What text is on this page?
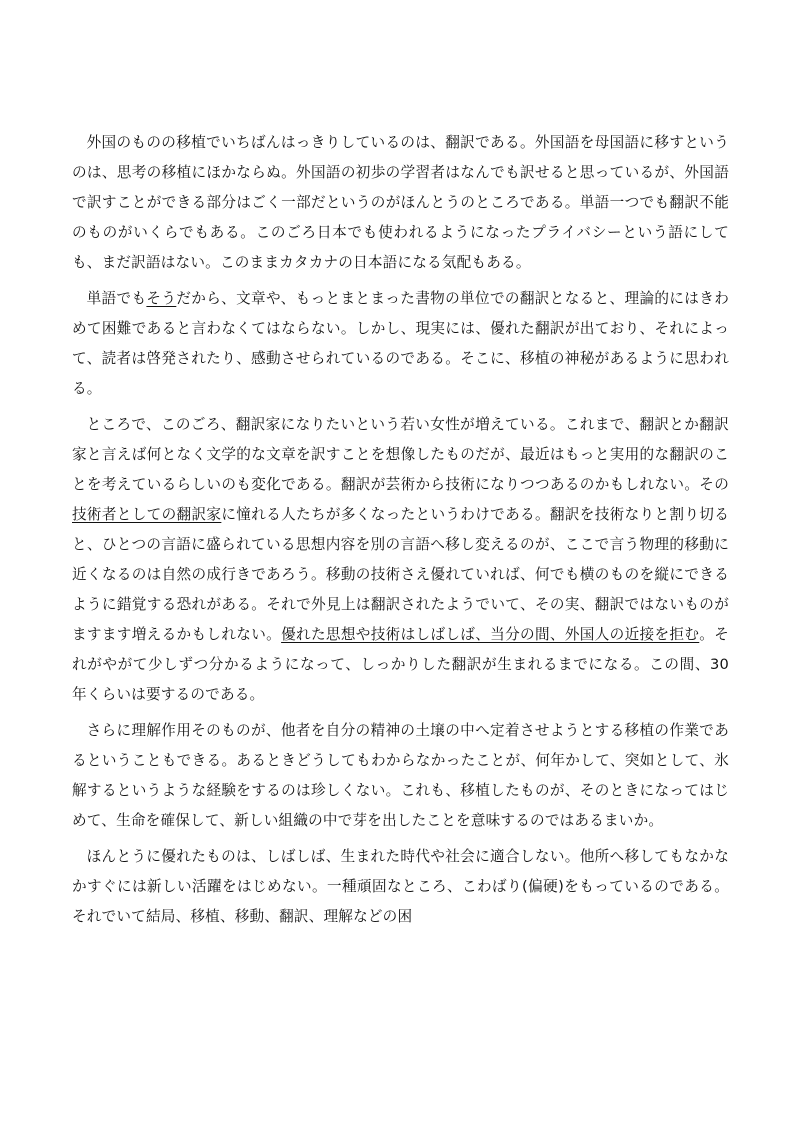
外国のものの移植でいちばんはっきりしているのは、翻訳である。外国語を母国語に移すというのは、思考の移植にほかならぬ。外国語の初歩の学習者はなんでも訳せると思っているが、外国語で訳すことができる部分はごく一部だというのがほんとうのところである。単語一つでも翻訳不能のものがいくらでもある。このごろ日本でも使われるようになったプライバシーという語にしても、まだ訳語はない。このままカタカナの日本語になる気配もある。

単語でもそうだから、文章や、もっとまとまった書物の単位での翻訳となると、理論的にはきわめて困難であると言わなくてはならない。しかし、現実には、優れた翻訳が出ており、それによって、読者は啓発されたり、感動させられているのである。そこに、移植の神秘があるように思われる。

ところで、このごろ、翻訳家になりたいという若い女性が増えている。これまで、翻訳とか翻訳家と言えば何となく文学的な文章を訳すことを想像したものだが、最近はもっと実用的な翻訳のことを考えているらしいのも変化である。翻訳が芸術から技術になりつつあるのかもしれない。その技術者としての翻訳家に憧れる人たちが多くなったというわけである。翻訳を技術なりと割り切ると、ひとつの言語に盛られている思想内容を別の言語へ移し変えるのが、ここで言う物理的移動に近くなるのは自然の成行きであろう。移動の技術さえ優れていれば、何でも横のものを縦にできるように錯覚する恐れがある。それで外見上は翻訳されたようでいて、その実、翻訳ではないものがますます増えるかもしれない。優れた思想や技術はしばしば、当分の間、外国人の近接を拒む。それがやがて少しずつ分かるようになって、しっかりした翻訳が生まれるまでになる。この間、30 年くらいは要するのである。

さらに理解作用そのものが、他者を自分の精神の土壌の中へ定着させようとする移植の作業であるということもできる。あるときどうしてもわからなかったことが、何年かして、突如として、氷解するというような経験をするのは珍しくない。これも、移植したものが、そのときになってはじめて、生命を確保して、新しい組織の中で芽を出したことを意味するのではあるまいか。

ほんとうに優れたものは、しばしば、生まれた時代や社会に適合しない。他所へ移してもなかなかすぐには新しい活躍をはじめない。一種頑固なところ、こわばり(偏硬)をもっているのである。それでいて結局、移植、移動、翻訳、理解などの困
